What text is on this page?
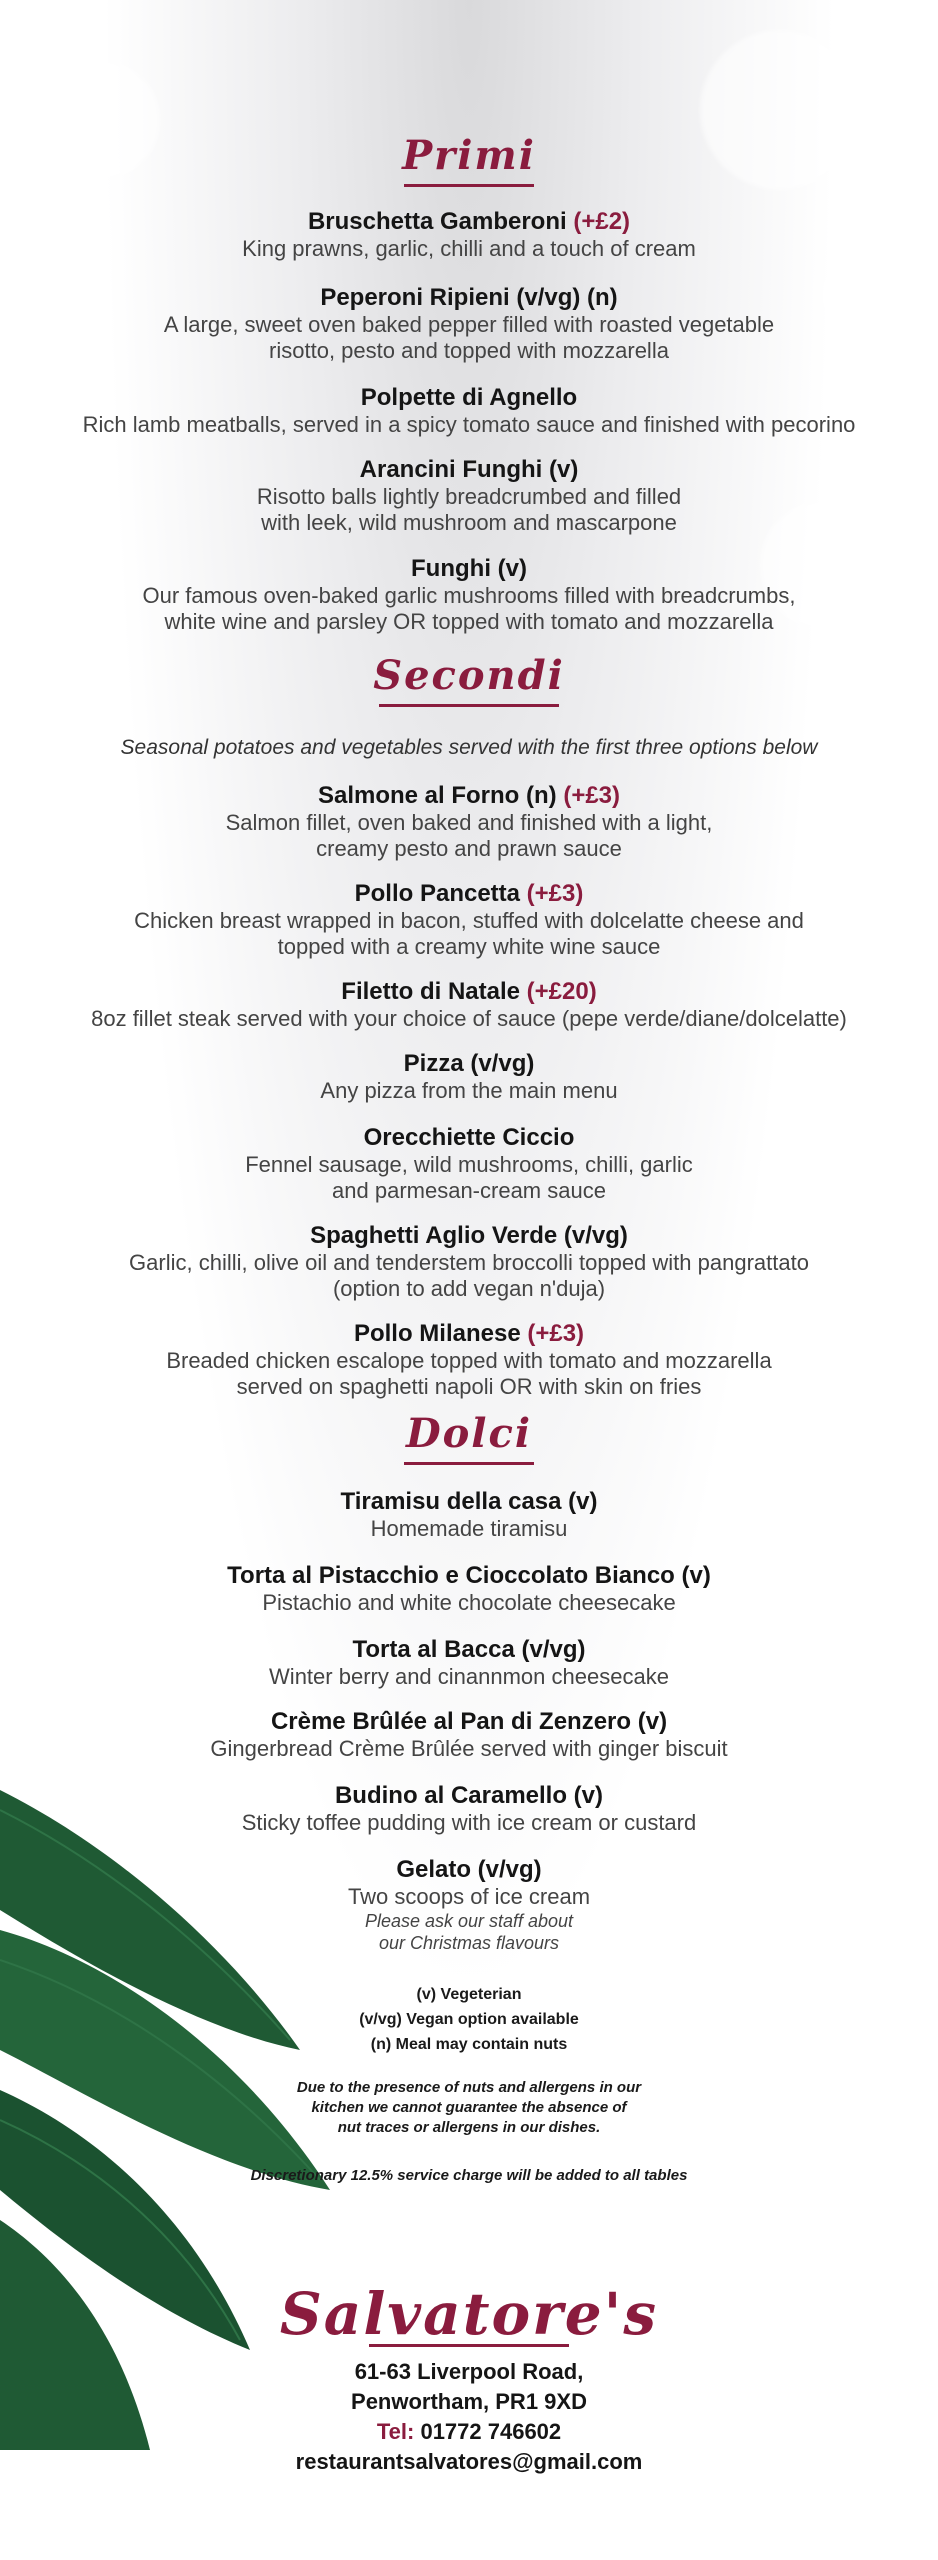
Primi
Bruschetta Gamberoni (+£2)
King prawns, garlic, chilli and a touch of cream
Peperoni Ripieni (v/vg) (n)
A large, sweet oven baked pepper filled with roasted vegetable
risotto, pesto and topped with mozzarella
Polpette di Agnello
Rich lamb meatballs, served in a spicy tomato sauce and finished with pecorino
Arancini Funghi (v)
Risotto balls lightly breadcrumbed and filled
with leek, wild mushroom and mascarpone
Funghi (v)
Our famous oven-baked garlic mushrooms filled with breadcrumbs,
white wine and parsley OR topped with tomato and mozzarella
Secondi
Seasonal potatoes and vegetables served with the first three options below
Salmone al Forno (n) (+£3)
Salmon fillet, oven baked and finished with a light,
creamy pesto and prawn sauce
Pollo Pancetta (+£3)
Chicken breast wrapped in bacon, stuffed with dolcelatte cheese and
topped with a creamy white wine sauce
Filetto di Natale (+£20)
8oz fillet steak served with your choice of sauce (pepe verde/diane/dolcelatte)
Pizza (v/vg)
Any pizza from the main menu
Orecchiette Ciccio
Fennel sausage, wild mushrooms, chilli, garlic
and parmesan-cream sauce
Spaghetti Aglio Verde (v/vg)
Garlic, chilli, olive oil and tenderstem broccolli topped with pangrattato
(option to add vegan n'duja)
Pollo Milanese (+£3)
Breaded chicken escalope topped with tomato and mozzarella
served on spaghetti napoli OR with skin on fries
Dolci
Tiramisu della casa (v)
Homemade tiramisu
Torta al Pistacchio e Cioccolato Bianco (v)
Pistachio and white chocolate cheesecake
Torta al Bacca (v/vg)
Winter berry and cinannmon cheesecake
Crème Brûlée al Pan di Zenzero (v)
Gingerbread Crème Brûlée served with ginger biscuit
Budino al Caramello (v)
Sticky toffee pudding with ice cream or custard
Gelato (v/vg)
Two scoops of ice cream
Please ask our staff about
our Christmas flavours
(v) Vegeterian
(v/vg) Vegan option available
(n) Meal may contain nuts
Due to the presence of nuts and allergens in our
kitchen we cannot guarantee the absence of
nut traces or allergens in our dishes.
Discretionary 12.5% service charge will be added to all tables
Salvatore's
61-63 Liverpool Road,
Penwortham, PR1 9XD
Tel: 01772 746602
restaurantsalvatores@gmail.com
